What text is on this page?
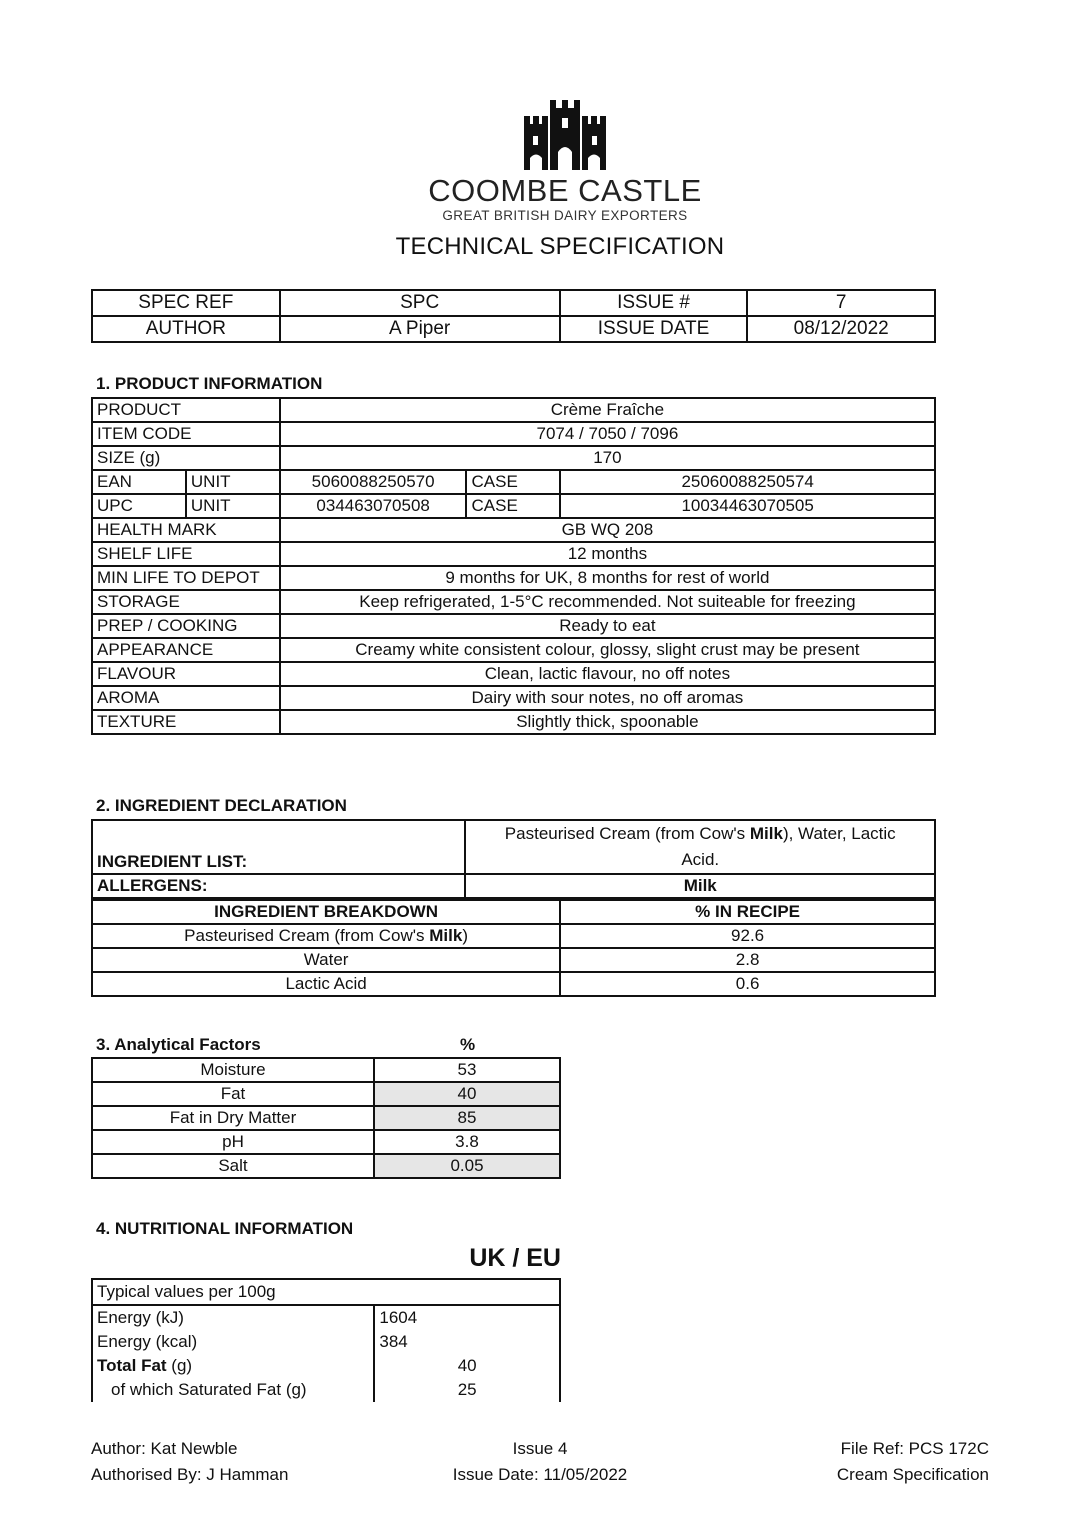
COOMBE CASTLE
GREAT BRITISH DAIRY EXPORTERS
TECHNICAL SPECIFICATION
SPEC REF	SPC	ISSUE #	7
AUTHOR	A Piper	ISSUE DATE	08/12/2022
1. PRODUCT INFORMATION
PRODUCT		Crème Fraîche		
ITEM CODE		7074 / 7050 / 7096		
SIZE (g)		170		
EAN	UNIT	5060088250570	CASE	25060088250574
UPC	UNIT	034463070508	CASE	10034463070505
HEALTH MARK		GB WQ 208		
SHELF LIFE		12 months		
MIN LIFE TO DEPOT		9 months for UK, 8 months for rest of world		
STORAGE		Keep refrigerated, 1-5°C recommended. Not suiteable for freezing		
PREP / COOKING		Ready to eat		
APPEARANCE		Creamy white consistent colour, glossy, slight crust may be present		
FLAVOUR		Clean, lactic flavour, no off notes		
AROMA		Dairy with sour notes, no off aromas		
TEXTURE		Slightly thick, spoonable		
2. INGREDIENT DECLARATION
INGREDIENT LIST:	Pasteurised Cream (from Cow's Milk), Water, Lactic
Acid.
ALLERGENS:	Milk
INGREDIENT BREAKDOWN	% IN RECIPE
Pasteurised Cream (from Cow's Milk)	92.6
Water	2.8
Lactic Acid	0.6
3. Analytical Factors	%
Moisture	53
Fat	40
Fat in Dry Matter	85
pH	3.8
Salt	0.05
4. NUTRITIONAL INFORMATION
UK / EU
Typical values per 100g	
Energy (kJ)	1604
Energy (kcal)	384
Total Fat (g)	40
of which Saturated Fat (g)	25
Author: Kat Newble
Authorised By: J Hamman
Issue 4
Issue Date: 11/05/2022
File Ref: PCS 172C
Cream Specification
